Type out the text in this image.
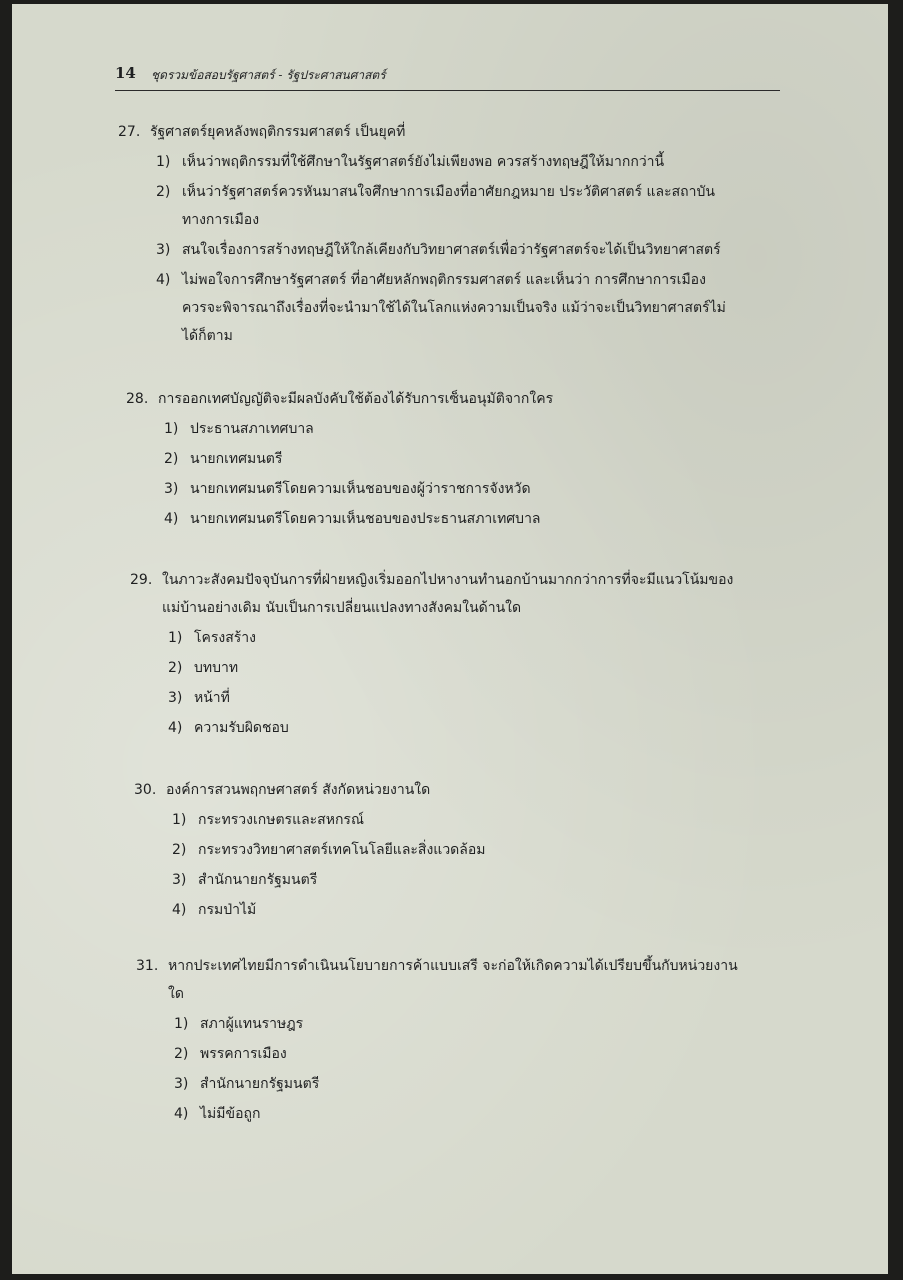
14 ชุดรวมข้อสอบรัฐศาสตร์ - รัฐประศาสนศาสตร์
27. รัฐศาสตร์ยุคหลังพฤติกรรมศาสตร์ เป็นยุคที่
1) เห็นว่าพฤติกรรมที่ใช้ศึกษาในรัฐศาสตร์ยังไม่เพียงพอ ควรสร้างทฤษฎีให้มากกว่านี้
2) เห็นว่ารัฐศาสตร์ควรหันมาสนใจศึกษาการเมืองที่อาศัยกฎหมาย ประวัติศาสตร์ และสถาบัน
ทางการเมือง
3) สนใจเรื่องการสร้างทฤษฎีให้ใกล้เคียงกับวิทยาศาสตร์เพื่อว่ารัฐศาสตร์จะได้เป็นวิทยาศาสตร์
4) ไม่พอใจการศึกษารัฐศาสตร์ ที่อาศัยหลักพฤติกรรมศาสตร์ และเห็นว่า การศึกษาการเมือง
ควรจะพิจารณาถึงเรื่องที่จะนำมาใช้ได้ในโลกแห่งความเป็นจริง แม้ว่าจะเป็นวิทยาศาสตร์ไม่
ได้ก็ตาม
28. การออกเทศบัญญัติจะมีผลบังคับใช้ต้องได้รับการเซ็นอนุมัติจากใคร
1) ประธานสภาเทศบาล
2) นายกเทศมนตรี
3) นายกเทศมนตรีโดยความเห็นชอบของผู้ว่าราชการจังหวัด
4) นายกเทศมนตรีโดยความเห็นชอบของประธานสภาเทศบาล
29. ในภาวะสังคมปัจจุบันการที่ฝ่ายหญิงเริ่มออกไปหางานทำนอกบ้านมากกว่าการที่จะมีแนวโน้มของ
แม่บ้านอย่างเดิม นับเป็นการเปลี่ยนแปลงทางสังคมในด้านใด
1) โครงสร้าง
2) บทบาท
3) หน้าที่
4) ความรับผิดชอบ
30. องค์การสวนพฤกษศาสตร์ สังกัดหน่วยงานใด
1) กระทรวงเกษตรและสหกรณ์
2) กระทรวงวิทยาศาสตร์เทคโนโลยีและสิ่งแวดล้อม
3) สำนักนายกรัฐมนตรี
4) กรมป่าไม้
31. หากประเทศไทยมีการดำเนินนโยบายการค้าแบบเสรี จะก่อให้เกิดความได้เปรียบขึ้นกับหน่วยงาน
ใด
1) สภาผู้แทนราษฎร
2) พรรคการเมือง
3) สำนักนายกรัฐมนตรี
4) ไม่มีข้อถูก
